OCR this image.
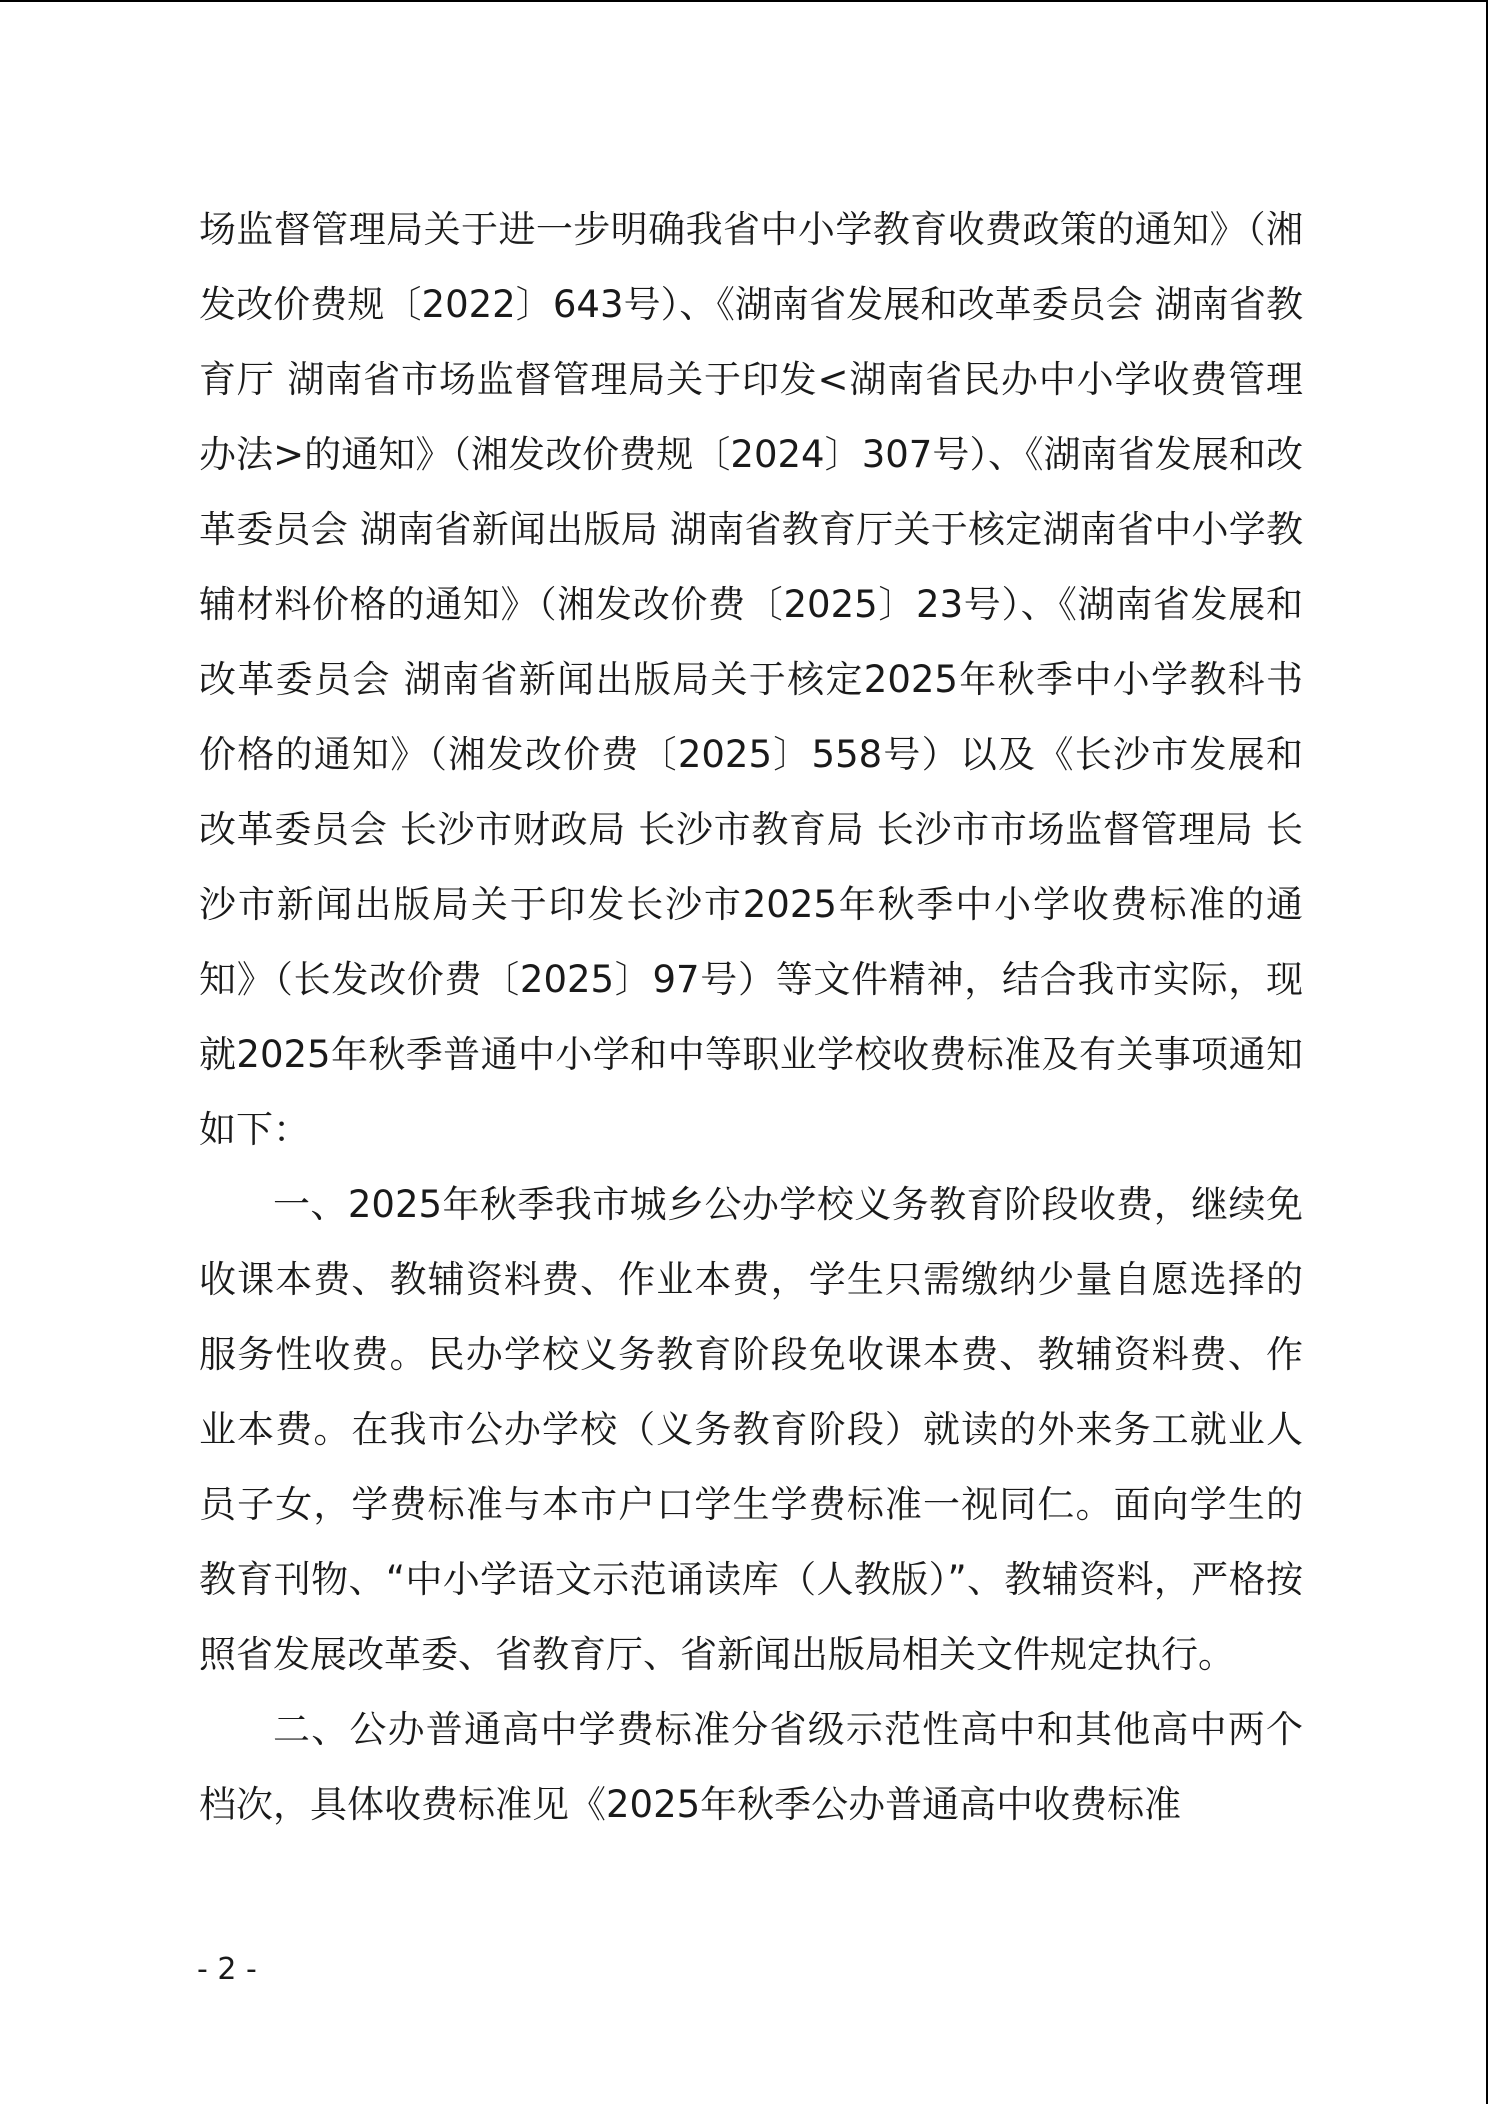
场监督管理局关于进一步明确我省中小学教育收费政策的通知》（湘发改价费规〔2022〕643号）、《湖南省发展和改革委员会 湖南省教育厅 湖南省市场监督管理局关于印发<湖南省民办中小学收费管理办法>的通知》（湘发改价费规〔2024〕307号）、《湖南省发展和改革委员会 湖南省新闻出版局 湖南省教育厅关于核定湖南省中小学教辅材料价格的通知》（湘发改价费〔2025〕23号）、《湖南省发展和改革委员会 湖南省新闻出版局关于核定2025年秋季中小学教科书价格的通知》（湘发改价费〔2025〕558号）以及《长沙市发展和改革委员会 长沙市财政局 长沙市教育局 长沙市市场监督管理局 长沙市新闻出版局关于印发长沙市2025年秋季中小学收费标准的通知》（长发改价费〔2025〕97号）等文件精神，结合我市实际，现就2025年秋季普通中小学和中等职业学校收费标准及有关事项通知如下：

一、2025年秋季我市城乡公办学校义务教育阶段收费，继续免收课本费、教辅资料费、作业本费，学生只需缴纳少量自愿选择的服务性收费。民办学校义务教育阶段免收课本费、教辅资料费、作业本费。在我市公办学校（义务教育阶段）就读的外来务工就业人员子女，学费标准与本市户口学生学费标准一视同仁。面向学生的教育刊物、“中小学语文示范诵读库（人教版）”、教辅资料，严格按照省发展改革委、省教育厅、省新闻出版局相关文件规定执行。

二、公办普通高中学费标准分省级示范性高中和其他高中两个档次，具体收费标准见《2025年秋季公办普通高中收费标准

- 2 -
